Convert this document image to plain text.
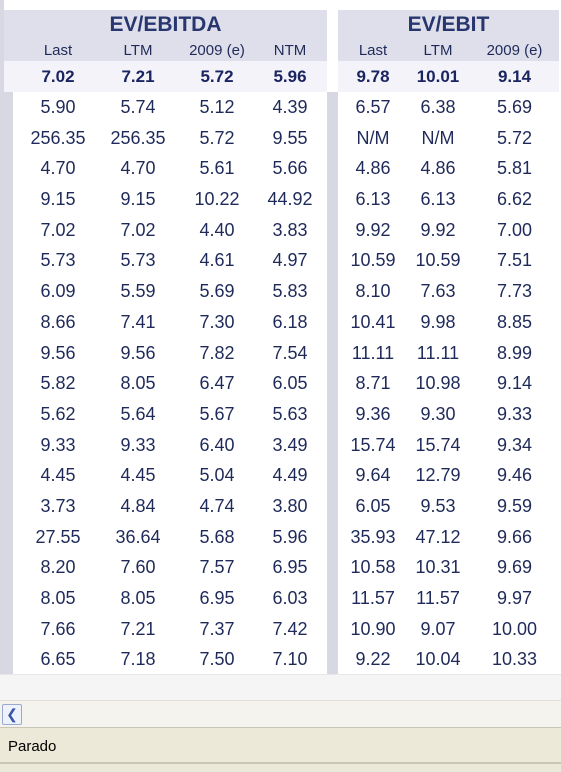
EV/EBITDA	EV/EBIT
Last	LTM	2009 (e)	NTM	Last	LTM	2009 (e)
7.02	7.21	5.72	5.96	9.78	10.01	9.14
5.90	5.74	5.12	4.39	6.57	6.38	5.69
256.35	256.35	5.72	9.55	N/M	N/M	5.72
4.70	4.70	5.61	5.66	4.86	4.86	5.81
9.15	9.15	10.22	44.92	6.13	6.13	6.62
7.02	7.02	4.40	3.83	9.92	9.92	7.00
5.73	5.73	4.61	4.97	10.59	10.59	7.51
6.09	5.59	5.69	5.83	8.10	7.63	7.73
8.66	7.41	7.30	6.18	10.41	9.98	8.85
9.56	9.56	7.82	7.54	11.11	11.11	8.99
5.82	8.05	6.47	6.05	8.71	10.98	9.14
5.62	5.64	5.67	5.63	9.36	9.30	9.33
9.33	9.33	6.40	3.49	15.74	15.74	9.34
4.45	4.45	5.04	4.49	9.64	12.79	9.46
3.73	4.84	4.74	3.80	6.05	9.53	9.59
27.55	36.64	5.68	5.96	35.93	47.12	9.66
8.20	7.60	7.57	6.95	10.58	10.31	9.69
8.05	8.05	6.95	6.03	11.57	11.57	9.97
7.66	7.21	7.37	7.42	10.90	9.07	10.00
6.65	7.18	7.50	7.10	9.22	10.04	10.33
❮
Parado
